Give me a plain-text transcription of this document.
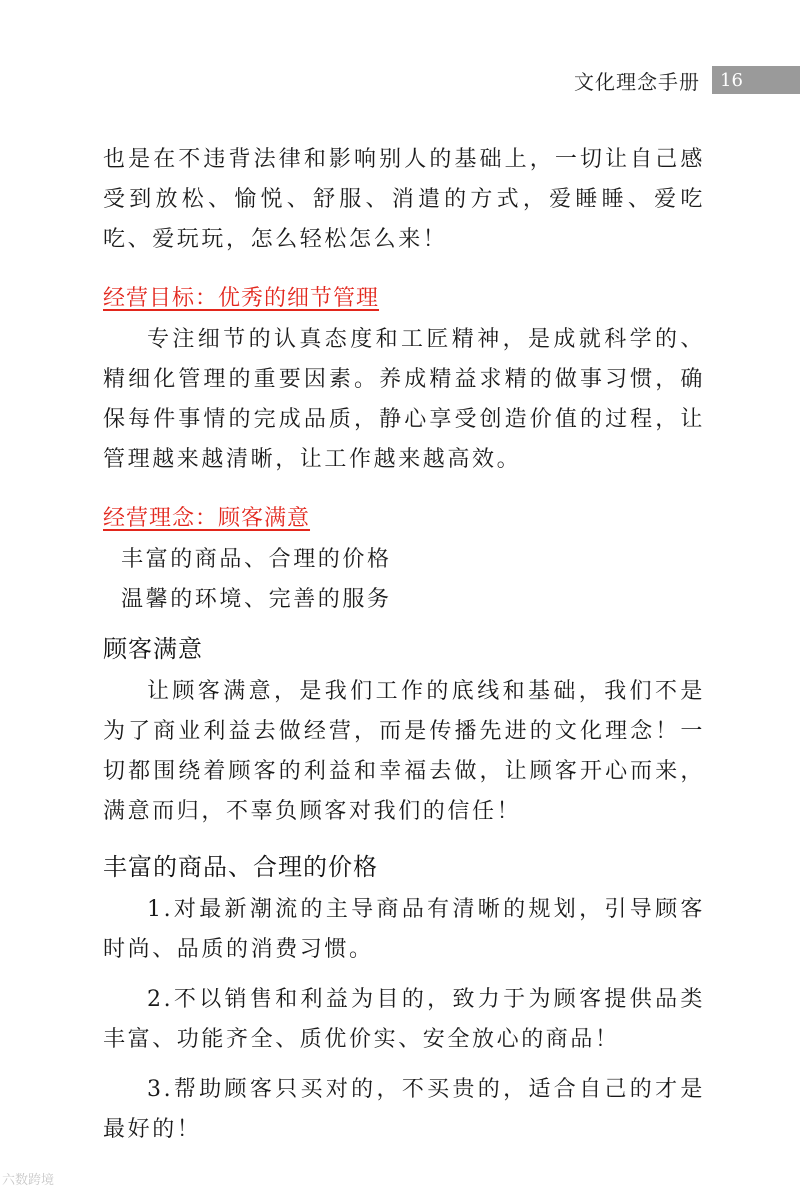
文化理念手册	16

也是在不违背法律和影响别人的基础上，一切让自己感受到放松、愉悦、舒服、消遣的方式，爱睡睡、爱吃吃、爱玩玩，怎么轻松怎么来！

经营目标：优秀的细节管理

专注细节的认真态度和工匠精神，是成就科学的、精细化管理的重要因素。养成精益求精的做事习惯，确保每件事情的完成品质，静心享受创造价值的过程，让管理越来越清晰，让工作越来越高效。

经营理念：顾客满意
丰富的商品、合理的价格
温馨的环境、完善的服务
顾客满意

让顾客满意，是我们工作的底线和基础，我们不是为了商业利益去做经营，而是传播先进的文化理念！一切都围绕着顾客的利益和幸福去做，让顾客开心而来，满意而归，不辜负顾客对我们的信任！

丰富的商品、合理的价格

1.对最新潮流的主导商品有清晰的规划，引导顾客时尚、品质的消费习惯。

2.不以销售和利益为目的，致力于为顾客提供品类丰富、功能齐全、质优价实、安全放心的商品！

3.帮助顾客只买对的，不买贵的，适合自己的才是最好的！

六数跨境
